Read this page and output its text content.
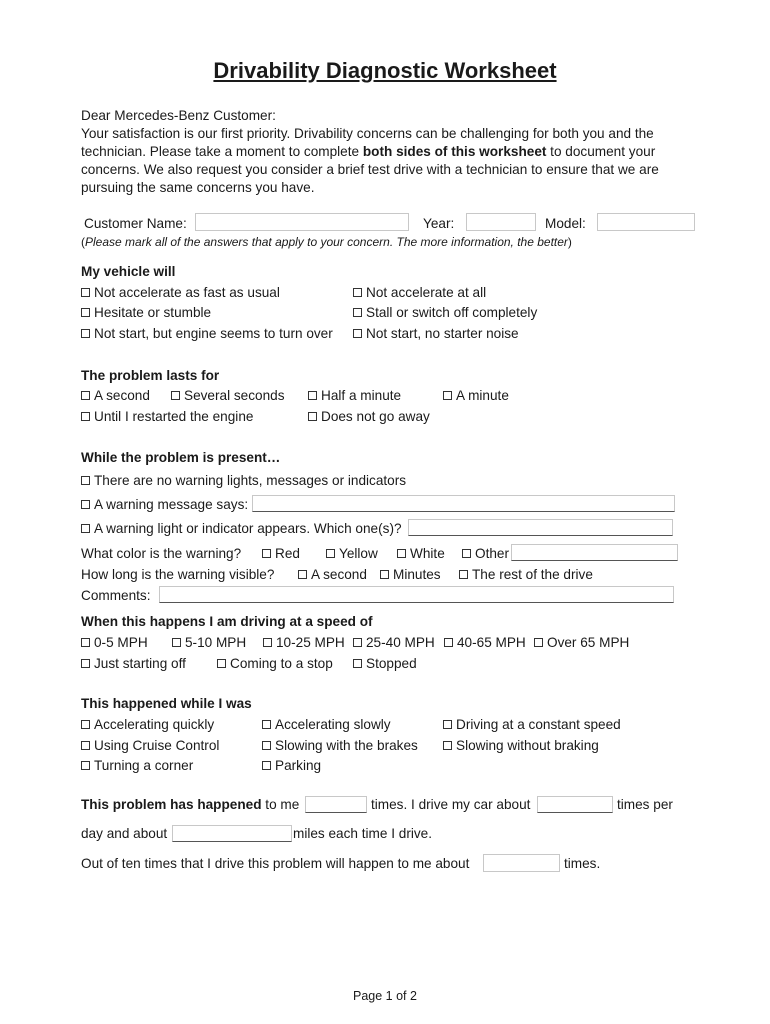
Drivability Diagnostic Worksheet
Dear Mercedes-Benz Customer:
Your satisfaction is our first priority. Drivability concerns can be challenging for both you and the
technician. Please take a moment to complete both sides of this worksheet to document your
concerns. We also request you consider a brief test drive with a technician to ensure that we are
pursuing the same concerns you have.
Customer Name:	Year:	Model:
(Please mark all of the answers that apply to your concern. The more information, the better)
My vehicle will
Not accelerate as fast as usual	Not accelerate at all
Hesitate or stumble	Stall or switch off completely
Not start, but engine seems to turn over	Not start, no starter noise
The problem lasts for
A second	Several seconds	Half a minute	A minute
Until I restarted the engine	Does not go away
While the problem is present…
There are no warning lights, messages or indicators
A warning message says:
A warning light or indicator appears. Which one(s)?
What color is the warning?	Red	Yellow	White	Other
How long is the warning visible?	A second	Minutes	The rest of the drive
Comments:
When this happens I am driving at a speed of
0-5 MPH	5-10 MPH	10-25 MPH	25-40 MPH	40-65 MPH	Over 65 MPH
Just starting off	Coming to a stop	Stopped
This happened while I was
Accelerating quickly	Accelerating slowly	Driving at a constant speed
Using Cruise Control	Slowing with the brakes	Slowing without braking
Turning a corner	Parking
This problem has happened to me	times. I drive my car about	times per
day and about	miles each time I drive.
Out of ten times that I drive this problem will happen to me about	times.
Page 1 of 2
